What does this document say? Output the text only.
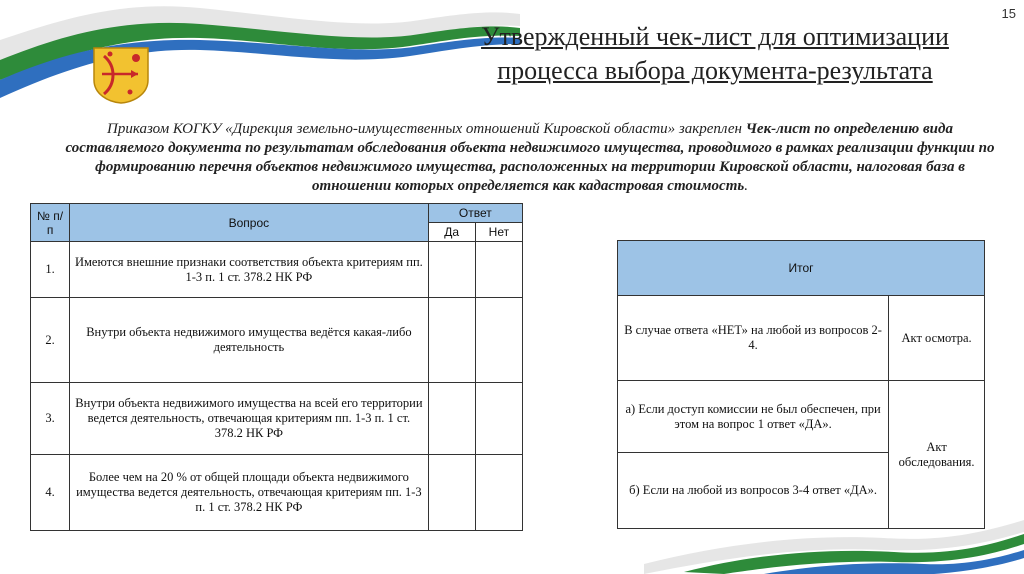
15
Утвержденный чек-лист для оптимизации
процесса выбора документа-результата
Приказом КОГКУ «Дирекция земельно-имущественных отношений Кировской области» закреплен Чек-лист по определению вида составляемого документа по результатам обследования объекта недвижимого имущества, проводимого в рамках реализации функции по формированию перечня объектов недвижимого имущества, расположенных на территории Кировской области, налоговая база в отношении которых определяется как кадастровая стоимость.
№ п/п	Вопрос	Ответ	
		Да	Нет
1.	Имеются внешние признаки соответствия объекта критериям пп. 1-3 п. 1 ст. 378.2 НК РФ		
2.	Внутри объекта недвижимого имущества ведётся какая-либо деятельность		
3.	Внутри объекта недвижимого имущества на всей его территории ведется деятельность, отвечающая критериям пп. 1-3 п. 1 ст. 378.2 НК РФ		
4.	Более чем на 20 % от общей площади объекта недвижимого имущества ведется деятельность, отвечающая критериям пп. 1-3 п. 1 ст. 378.2 НК РФ		
Итог	
В случае ответа «НЕТ» на любой из вопросов 2-4.	Акт осмотра.
а) Если доступ комиссии не был обеспечен, при этом на вопрос 1 ответ «ДА».	Акт обследования.
б) Если на любой из вопросов 3-4 ответ «ДА».	
